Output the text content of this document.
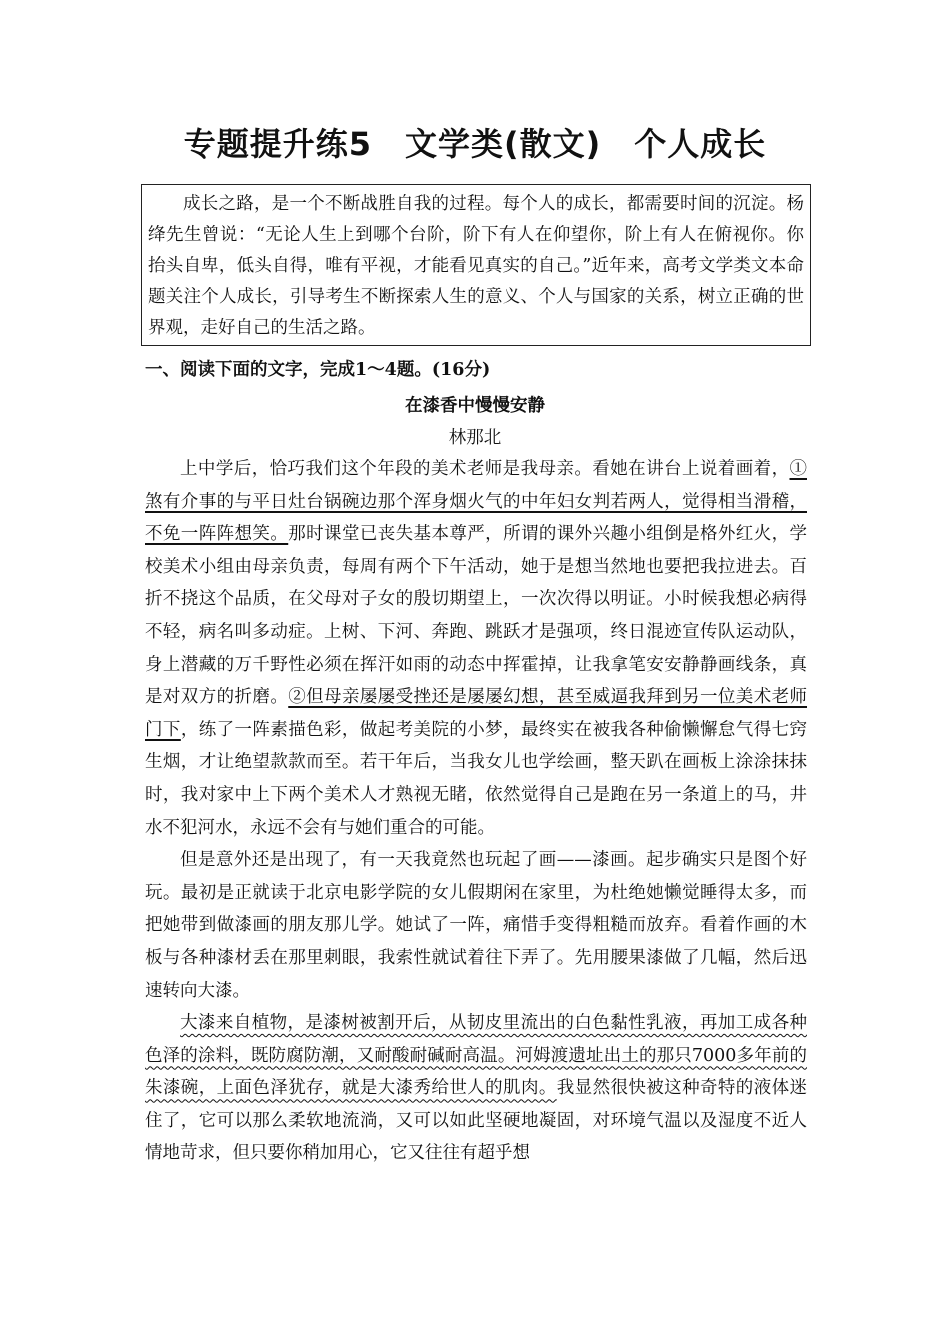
专题提升练5　文学类(散文)　个人成长
成长之路，是一个不断战胜自我的过程。每个人的成长，都需要时间的沉淀。杨绛先生曾说：“无论人生上到哪个台阶，阶下有人在仰望你，阶上有人在俯视你。你抬头自卑，低头自得，唯有平视，才能看见真实的自己。”近年来，高考文学类文本命题关注个人成长，引导考生不断探索人生的意义、个人与国家的关系，树立正确的世界观，走好自己的生活之路。
一、阅读下面的文字，完成1～4题。(16分)
在漆香中慢慢安静
林那北

上中学后，恰巧我们这个年段的美术老师是我母亲。看她在讲台上说着画着，①煞有介事的与平日灶台锅碗边那个浑身烟火气的中年妇女判若两人，觉得相当滑稽，不免一阵阵想笑。那时课堂已丧失基本尊严，所谓的课外兴趣小组倒是格外红火，学校美术小组由母亲负责，每周有两个下午活动，她于是想当然地也要把我拉进去。百折不挠这个品质，在父母对子女的殷切期望上，一次次得以明证。小时候我想必病得不轻，病名叫多动症。上树、下河、奔跑、跳跃才是强项，终日混迹宣传队运动队，身上潜藏的万千野性必须在挥汗如雨的动态中挥霍掉，让我拿笔安安静静画线条，真是对双方的折磨。②但母亲屡屡受挫还是屡屡幻想，甚至威逼我拜到另一位美术老师门下，练了一阵素描色彩，做起考美院的小梦，最终实在被我各种偷懒懈怠气得七窍生烟，才让绝望款款而至。若干年后，当我女儿也学绘画，整天趴在画板上涂涂抹抹时，我对家中上下两个美术人才熟视无睹，依然觉得自己是跑在另一条道上的马，井水不犯河水，永远不会有与她们重合的可能。

但是意外还是出现了，有一天我竟然也玩起了画——漆画。起步确实只是图个好玩。最初是正就读于北京电影学院的女儿假期闲在家里，为杜绝她懒觉睡得太多，而把她带到做漆画的朋友那儿学。她试了一阵，痛惜手变得粗糙而放弃。看着作画的木板与各种漆材丢在那里刺眼，我索性就试着往下弄了。先用腰果漆做了几幅，然后迅速转向大漆。

大漆来自植物，是漆树被割开后，从韧皮里流出的白色黏性乳液，再加工成各种色泽的涂料，既防腐防潮，又耐酸耐碱耐高温。河姆渡遗址出土的那只7000多年前的朱漆碗，上面色泽犹存，就是大漆秀给世人的肌肉。我显然很快被这种奇特的液体迷住了，它可以那么柔软地流淌，又可以如此坚硬地凝固，对环境气温以及湿度不近人情地苛求，但只要你稍加用心，它又往往有超乎想
